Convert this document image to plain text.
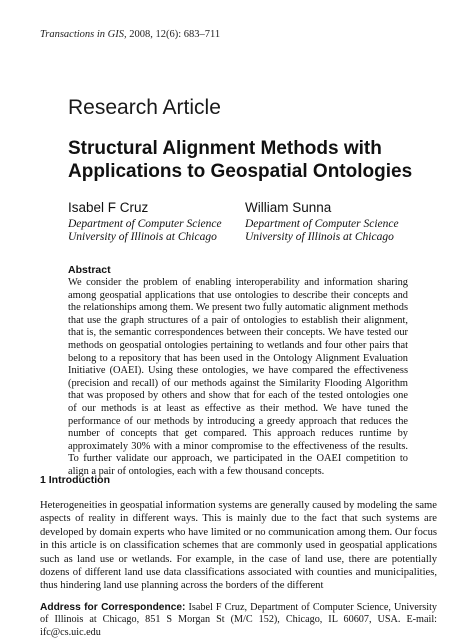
Transactions in GIS, 2008, 12(6): 683–711
Research Article
Structural Alignment Methods with Applications to Geospatial Ontologies
Isabel F Cruz
Department of Computer Science
University of Illinois at Chicago
William Sunna
Department of Computer Science
University of Illinois at Chicago
Abstract
We consider the problem of enabling interoperability and information sharing among geospatial applications that use ontologies to describe their concepts and the relationships among them. We present two fully automatic alignment methods that use the graph structures of a pair of ontologies to establish their alignment, that is, the semantic correspondences between their concepts. We have tested our methods on geospatial ontologies pertaining to wetlands and four other pairs that belong to a repository that has been used in the Ontology Alignment Evaluation Initiative (OAEI). Using these ontologies, we have compared the effectiveness (precision and recall) of our methods against the Similarity Flooding Algorithm that was proposed by others and show that for each of the tested ontologies one of our methods is at least as effective as their method. We have tuned the performance of our methods by introducing a greedy approach that reduces the number of concepts that get compared. This approach reduces runtime by approximately 30% with a minor compromise to the effectiveness of the results. To further validate our approach, we participated in the OAEI competition to align a pair of ontologies, each with a few thousand concepts.
1 Introduction
Heterogeneities in geospatial information systems are generally caused by modeling the same aspects of reality in different ways. This is mainly due to the fact that such systems are developed by domain experts who have limited or no communication among them. Our focus in this article is on classification schemes that are commonly used in geospatial applications such as land use or wetlands. For example, in the case of land use, there are potentially dozens of different land use data classifications associated with counties and municipalities, thus hindering land use planning across the borders of the different
Address for Correspondence: Isabel F Cruz, Department of Computer Science, University of Illinois at Chicago, 851 S Morgan St (M/C 152), Chicago, IL 60607, USA. E-mail: ifc@cs.uic.edu
